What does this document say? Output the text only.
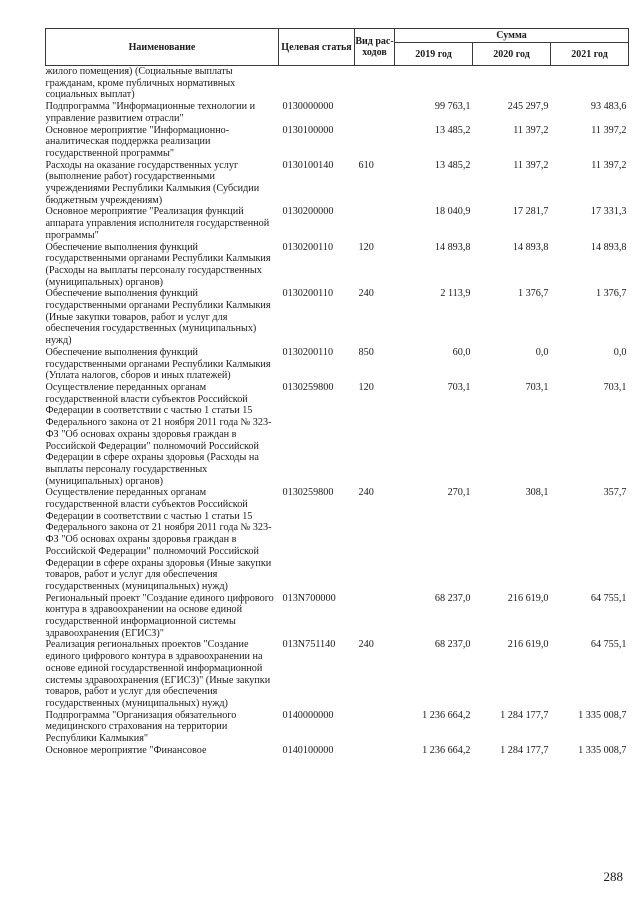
Наименование	Целевая статья	Вид рас-ходов	Сумма		
			2019 год	2020 год	2021 год
жилого помещения) (Социальные выплаты гражданам, кроме публичных нормативных социальных выплат)					
Подпрограмма "Информационные технологии и управление развитием отрасли"	0130000000		99 763,1	245 297,9	93 483,6
Основное мероприятие "Информационно-аналитическая поддержка реализации государственной программы"	0130100000		13 485,2	11 397,2	11 397,2
Расходы на оказание государственных услуг (выполнение работ) государственными учреждениями Республики Калмыкия (Субсидии бюджетным учреждениям)	0130100140	610	13 485,2	11 397,2	11 397,2
Основное мероприятие "Реализация функций аппарата управления исполнителя государственной программы"	0130200000		18 040,9	17 281,7	17 331,3
Обеспечение выполнения функций государственными органами Республики Калмыкия (Расходы на выплаты персоналу государственных (муниципальных) органов)	0130200110	120	14 893,8	14 893,8	14 893,8
Обеспечение выполнения функций государственными органами Республики Калмыкия (Иные закупки товаров, работ и услуг для обеспечения государственных (муниципальных) нужд)	0130200110	240	2 113,9	1 376,7	1 376,7
Обеспечение выполнения функций государственными органами Республики Калмыкия (Уплата налогов, сборов и иных платежей)	0130200110	850	60,0	0,0	0,0
Осуществление переданных органам государственной власти субъектов Российской Федерации в соответствии с частью 1 статьи 15 Федерального закона от 21 ноября 2011 года № 323-ФЗ "Об основах охраны здоровья граждан в Российской Федерации" полномочий Российской Федерации в сфере охраны здоровья (Расходы на выплаты персоналу государственных (муниципальных) органов)	0130259800	120	703,1	703,1	703,1
Осуществление переданных органам государственной власти субъектов Российской Федерации в соответствии с частью 1 статьи 15 Федерального закона от 21 ноября 2011 года № 323-ФЗ "Об основах охраны здоровья граждан в Российской Федерации" полномочий Российской Федерации в сфере охраны здоровья (Иные закупки товаров, работ и услуг для обеспечения государственных (муниципальных) нужд)	0130259800	240	270,1	308,1	357,7
Региональный проект "Создание единого цифрового контура в здравоохранении на основе единой государственной информационной системы здравоохранения (ЕГИСЗ)"	013N700000		68 237,0	216 619,0	64 755,1
Реализация региональных проектов "Создание единого цифрового контура в здравоохранении на основе единой государственной информационной системы здравоохранения (ЕГИСЗ)" (Иные закупки товаров, работ и услуг для обеспечения государственных (муниципальных) нужд)	013N751140	240	68 237,0	216 619,0	64 755,1
Подпрограмма "Организация обязательного медицинского страхования на территории Республики Калмыкия"	0140000000		1 236 664,2	1 284 177,7	1 335 008,7
Основное мероприятие "Финансовое	0140100000		1 236 664,2	1 284 177,7	1 335 008,7
288
